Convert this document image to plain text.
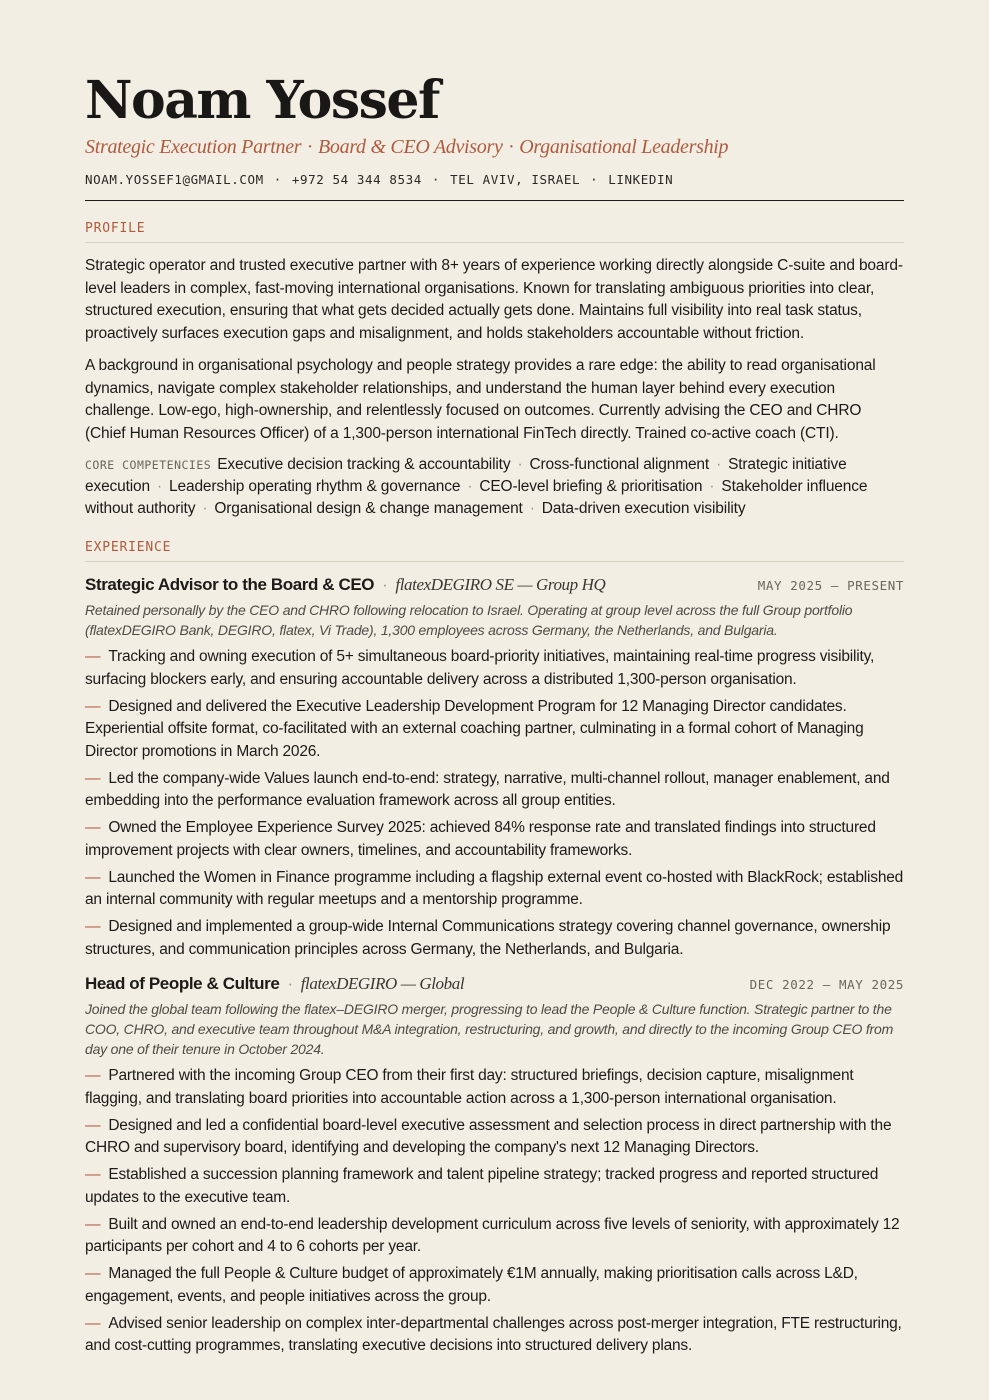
Noam Yossef
Strategic Execution Partner · Board & CEO Advisory · Organisational Leadership
NOAM.YOSSEF1@GMAIL.COM · +972 54 344 8534 · TEL AVIV, ISRAEL · LINKEDIN
PROFILE

Strategic operator and trusted executive partner with 8+ years of experience working directly alongside C-suite and board-level leaders in complex, fast-moving international organisations. Known for translating ambiguous priorities into clear, structured execution, ensuring that what gets decided actually gets done. Maintains full visibility into real task status, proactively surfaces execution gaps and misalignment, and holds stakeholders accountable without friction.

A background in organisational psychology and people strategy provides a rare edge: the ability to read organisational dynamics, navigate complex stakeholder relationships, and understand the human layer behind every execution challenge. Low-ego, high-ownership, and relentlessly focused on outcomes. Currently advising the CEO and CHRO (Chief Human Resources Officer) of a 1,300-person international FinTech directly. Trained co-active coach (CTI).

CORE COMPETENCIES Executive decision tracking & accountability · Cross-functional alignment · Strategic initiative execution · Leadership operating rhythm & governance · CEO-level briefing & prioritisation · Stakeholder influence without authority · Organisational design & change management · Data-driven execution visibility
EXPERIENCE
Strategic Advisor to the Board & CEO · flatexDEGIRO SE — Group HQ	MAY 2025 – PRESENT
Retained personally by the CEO and CHRO following relocation to Israel. Operating at group level across the full Group portfolio (flatexDEGIRO Bank, DEGIRO, flatex, Vi Trade), 1,300 employees across Germany, the Netherlands, and Bulgaria.
— Tracking and owning execution of 5+ simultaneous board-priority initiatives, maintaining real-time progress visibility, surfacing blockers early, and ensuring accountable delivery across a distributed 1,300-person organisation.
— Designed and delivered the Executive Leadership Development Program for 12 Managing Director candidates. Experiential offsite format, co-facilitated with an external coaching partner, culminating in a formal cohort of Managing Director promotions in March 2026.
— Led the company-wide Values launch end-to-end: strategy, narrative, multi-channel rollout, manager enablement, and embedding into the performance evaluation framework across all group entities.
— Owned the Employee Experience Survey 2025: achieved 84% response rate and translated findings into structured improvement projects with clear owners, timelines, and accountability frameworks.
— Launched the Women in Finance programme including a flagship external event co-hosted with BlackRock; established an internal community with regular meetups and a mentorship programme.
— Designed and implemented a group-wide Internal Communications strategy covering channel governance, ownership structures, and communication principles across Germany, the Netherlands, and Bulgaria.
Head of People & Culture · flatexDEGIRO — Global	DEC 2022 – MAY 2025
Joined the global team following the flatex–DEGIRO merger, progressing to lead the People & Culture function. Strategic partner to the COO, CHRO, and executive team throughout M&A integration, restructuring, and growth, and directly to the incoming Group CEO from day one of their tenure in October 2024.
— Partnered with the incoming Group CEO from their first day: structured briefings, decision capture, misalignment flagging, and translating board priorities into accountable action across a 1,300-person international organisation.
— Designed and led a confidential board-level executive assessment and selection process in direct partnership with the CHRO and supervisory board, identifying and developing the company's next 12 Managing Directors.
— Established a succession planning framework and talent pipeline strategy; tracked progress and reported structured updates to the executive team.
— Built and owned an end-to-end leadership development curriculum across five levels of seniority, with approximately 12 participants per cohort and 4 to 6 cohorts per year.
— Managed the full People & Culture budget of approximately €1M annually, making prioritisation calls across L&D, engagement, events, and people initiatives across the group.
— Advised senior leadership on complex inter-departmental challenges across post-merger integration, FTE restructuring, and cost-cutting programmes, translating executive decisions into structured delivery plans.
